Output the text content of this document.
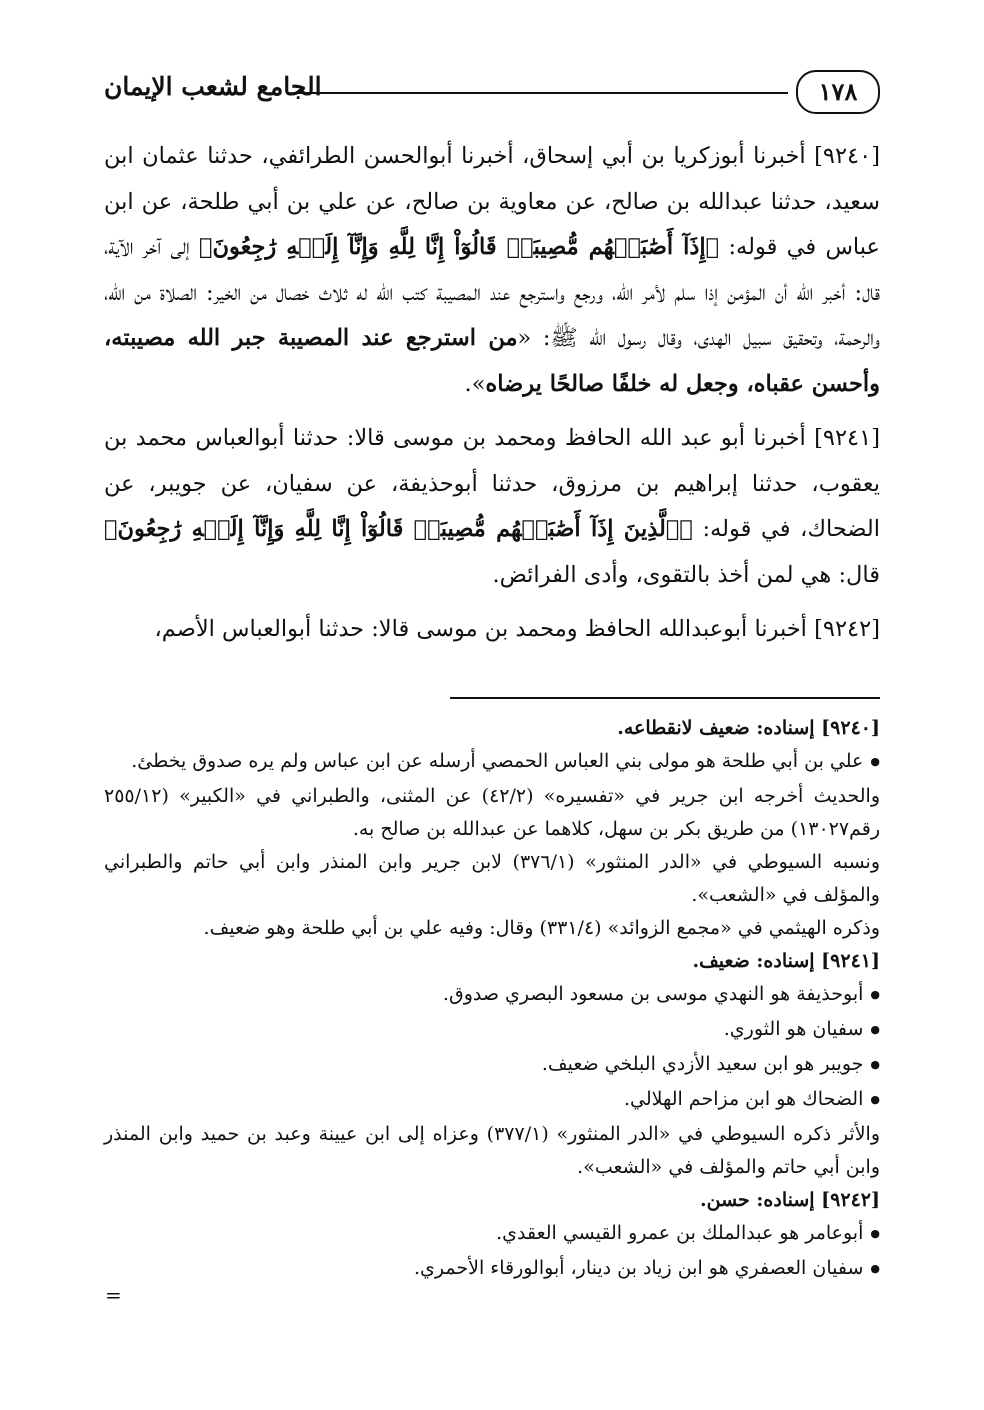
١٧٨
الجامع لشعب الإيمان

[٩٢٤٠] أخبرنا أبوزكريا بن أبي إسحاق، أخبرنا أبوالحسن الطرائفي، حدثنا عثمان ابن سعيد، حدثنا عبدالله بن صالح، عن معاوية بن صالح، عن علي بن أبي طلحة، عن ابن عباس في قوله: ﴿إِذَآ أَصَٰبَتۡهُم مُّصِيبَةٞ قَالُوٓاْ إِنَّا لِلَّهِ وَإِنَّآ إِلَيۡهِ رَٰجِعُونَ﴾ إلى آخر الآية، قال: أخبر الله أن المؤمن إذا سلم لأمر الله، ورجع واسترجع عند المصيبة كتب الله له ثلاث خصال من الخير: الصلاة من الله، والرحمة، وتحقيق سبيل الهدى، وقال رسول الله ﷺ: «من استرجع عند المصيبة جبر الله مصيبته، وأحسن عقباه، وجعل له خلفًا صالحًا يرضاه».

[٩٢٤١] أخبرنا أبو عبد الله الحافظ ومحمد بن موسى قالا: حدثنا أبوالعباس محمد بن يعقوب، حدثنا إبراهيم بن مرزوق، حدثنا أبوحذيفة، عن سفيان، عن جويبر، عن الضحاك، في قوله: ﴿ٱلَّذِينَ إِذَآ أَصَٰبَتۡهُم مُّصِيبَةٞ قَالُوٓاْ إِنَّا لِلَّهِ وَإِنَّآ إِلَيۡهِ رَٰجِعُونَ﴾ قال: هي لمن أخذ بالتقوى، وأدى الفرائض.

[٩٢٤٢] أخبرنا أبوعبدالله الحافظ ومحمد بن موسى قالا: حدثنا أبوالعباس الأصم،

[٩٢٤٠] إسناده: ضعيف لانقطاعه.

● علي بن أبي طلحة هو مولى بني العباس الحمصي أرسله عن ابن عباس ولم يره صدوق يخطئ.

والحديث أخرجه ابن جرير في «تفسيره» (٤٢/٢) عن المثنى، والطبراني في «الكبير» (٢٥٥/١٢ رقم١٣٠٢٧) من طريق بكر بن سهل، كلاهما عن عبدالله بن صالح به.

ونسبه السيوطي في «الدر المنثور» (٣٧٦/١) لابن جرير وابن المنذر وابن أبي حاتم والطبراني والمؤلف في «الشعب».

وذكره الهيثمي في «مجمع الزوائد» (٣٣١/٤) وقال: وفيه علي بن أبي طلحة وهو ضعيف.

[٩٢٤١] إسناده: ضعيف.

● أبوحذيفة هو النهدي موسى بن مسعود البصري صدوق.

● سفيان هو الثوري.

● جويبر هو ابن سعيد الأزدي البلخي ضعيف.

● الضحاك هو ابن مزاحم الهلالي.

والأثر ذكره السيوطي في «الدر المنثور» (٣٧٧/١) وعزاه إلى ابن عيينة وعبد بن حميد وابن المنذر وابن أبي حاتم والمؤلف في «الشعب».

[٩٢٤٢] إسناده: حسن.

● أبوعامر هو عبدالملك بن عمرو القيسي العقدي.

● سفيان العصفري هو ابن زياد بن دينار، أبوالورقاء الأحمري.

=
